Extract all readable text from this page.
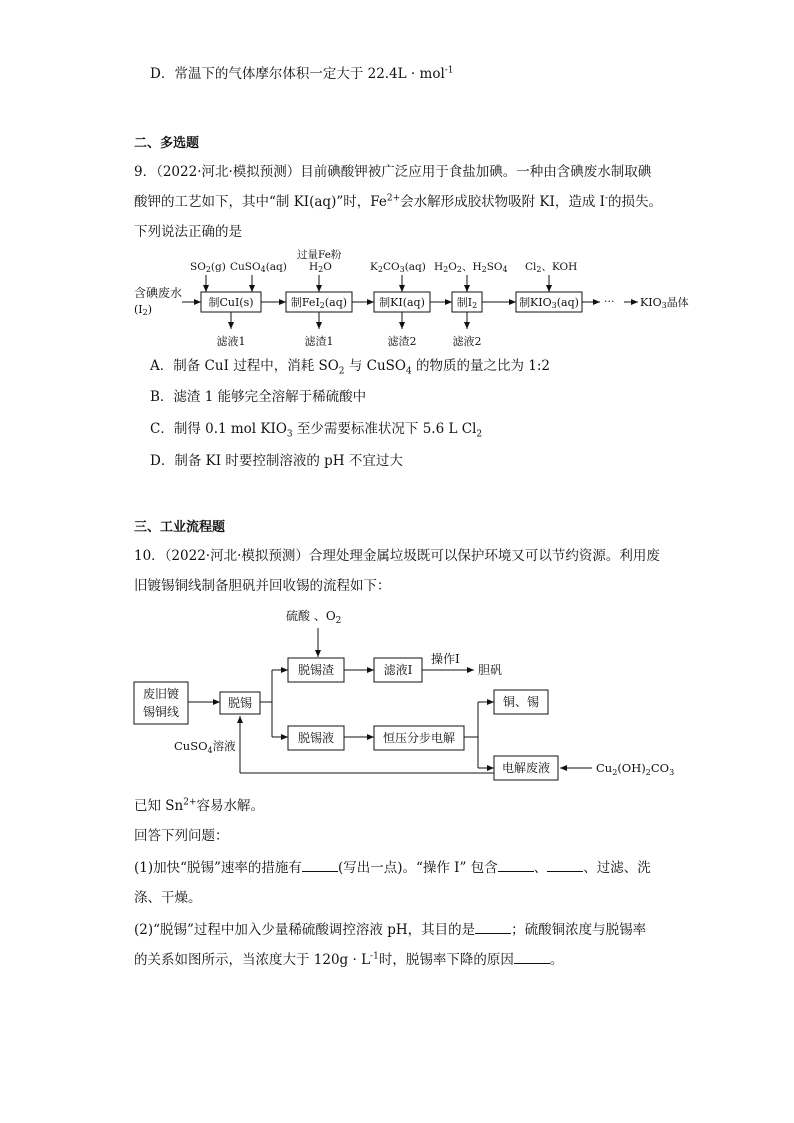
D．常温下的气体摩尔体积一定大于 22.4L · mol$^{-1}$
二、多选题
9．（2022·河北·模拟预测）目前碘酸钾被广泛应用于食盐加碘。一种由含碘废水制取碘
酸钾的工艺如下，其中“制 KI(aq)”时，$Fe^{2+}$会水解形成胶状物吸附 KI，造成 I-的损失。
下列说法正确的是
含碘废水
(I2)
制CuI(s)	制FeI2(aq)	制KI(aq)	制I2	制KIO3(aq) ··· KIO3晶体
SO2(g) CuSO4(aq)
过量Fe粉
H2O	K2CO3(aq) H2O2、H2SO4 Cl2、KOH
滤液1	滤渣1	滤渣2	滤液2
A．制备 CuI 过程中，消耗 $SO_2$ 与 CuSO$_4$ 的物质的量之比为 1:2
B．滤渣 1 能够完全溶解于稀硫酸中
C．制得 0.1 mol $KIO_3$ 至少需要标准状况下 5.6 L $Cl_2$
D．制备 KI 时要控制溶液的 pH 不宜过大
三、工业流程题
10．（2022·河北·模拟预测）合理处理金属垃圾既可以保护环境又可以节约资源。利用废
旧镀锡铜线制备胆矾并回收锡的流程如下：
硫酸 、$O_2$
废旧镀
锡铜线
脱锡
脱锡渣	滤液I
操作I
胆矾
脱锡液	恒压分步电解
铜、锡
电解废液	$Cu_2(OH)_2CO_3$
CuSO$_4$溶液
已知 $Sn^{2+}$容易水解。
回答下列问题：
(1)加快“脱锡”速率的措施有	(写出一点)。“操作 I” 包含	、	、过滤、洗
涤、干燥。
(2)“脱锡”过程中加入少量稀硫酸调控溶液 pH，其目的是	；硫酸铜浓度与脱锡率
的关系如图所示，当浓度大于 $120g \cdot L^{-1}$时，脱锡率下降的原因	。
